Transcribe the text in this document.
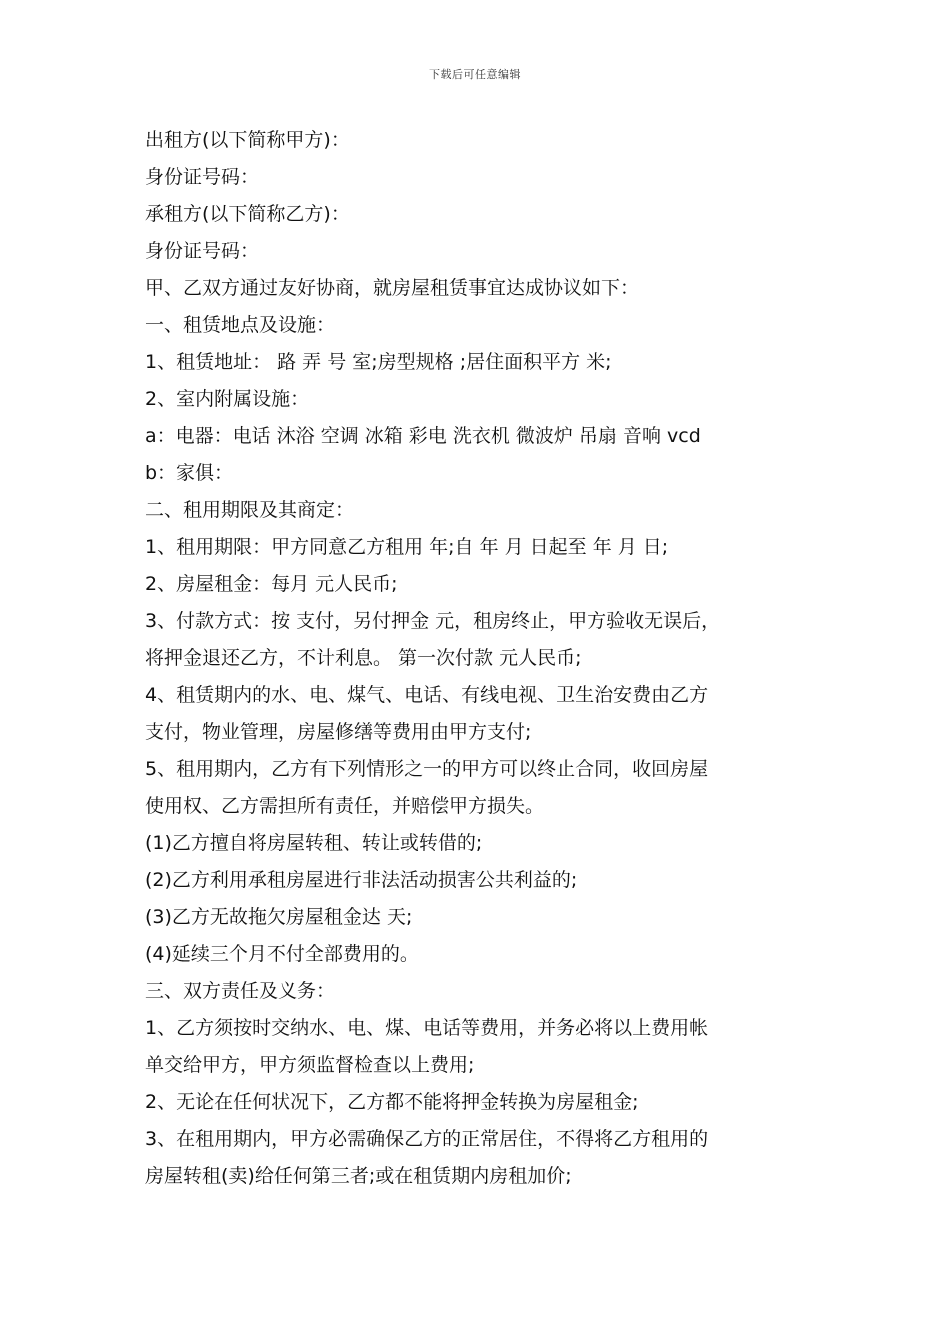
下载后可任意编辑
出租方(以下简称甲方)：
身份证号码：
承租方(以下简称乙方)：
身份证号码：
甲、乙双方通过友好协商，就房屋租赁事宜达成协议如下：
一、租赁地点及设施：
1、租赁地址： 路 弄 号 室;房型规格 ;居住面积平方 米;
2、室内附属设施：
a：电器：电话 沐浴 空调 冰箱 彩电 洗衣机 微波炉 吊扇 音响 vcd
b：家俱：
二、租用期限及其商定：
1、租用期限：甲方同意乙方租用 年;自 年 月 日起至 年 月 日;
2、房屋租金：每月 元人民币;
3、付款方式：按 支付，另付押金 元，租房终止，甲方验收无误后，
将押金退还乙方，不计利息。 第一次付款 元人民币;
4、租赁期内的水、电、煤气、电话、有线电视、卫生治安费由乙方
支付，物业管理，房屋修缮等费用由甲方支付;
5、租用期内，乙方有下列情形之一的甲方可以终止合同，收回房屋
使用权、乙方需担所有责任，并赔偿甲方损失。
(1)乙方擅自将房屋转租、转让或转借的;
(2)乙方利用承租房屋进行非法活动损害公共利益的;
(3)乙方无故拖欠房屋租金达 天;
(4)延续三个月不付全部费用的。
三、双方责任及义务：
1、乙方须按时交纳水、电、煤、电话等费用，并务必将以上费用帐
单交给甲方，甲方须监督检查以上费用;
2、无论在任何状况下，乙方都不能将押金转换为房屋租金;
3、在租用期内，甲方必需确保乙方的正常居住，不得将乙方租用的
房屋转租(卖)给任何第三者;或在租赁期内房租加价;
